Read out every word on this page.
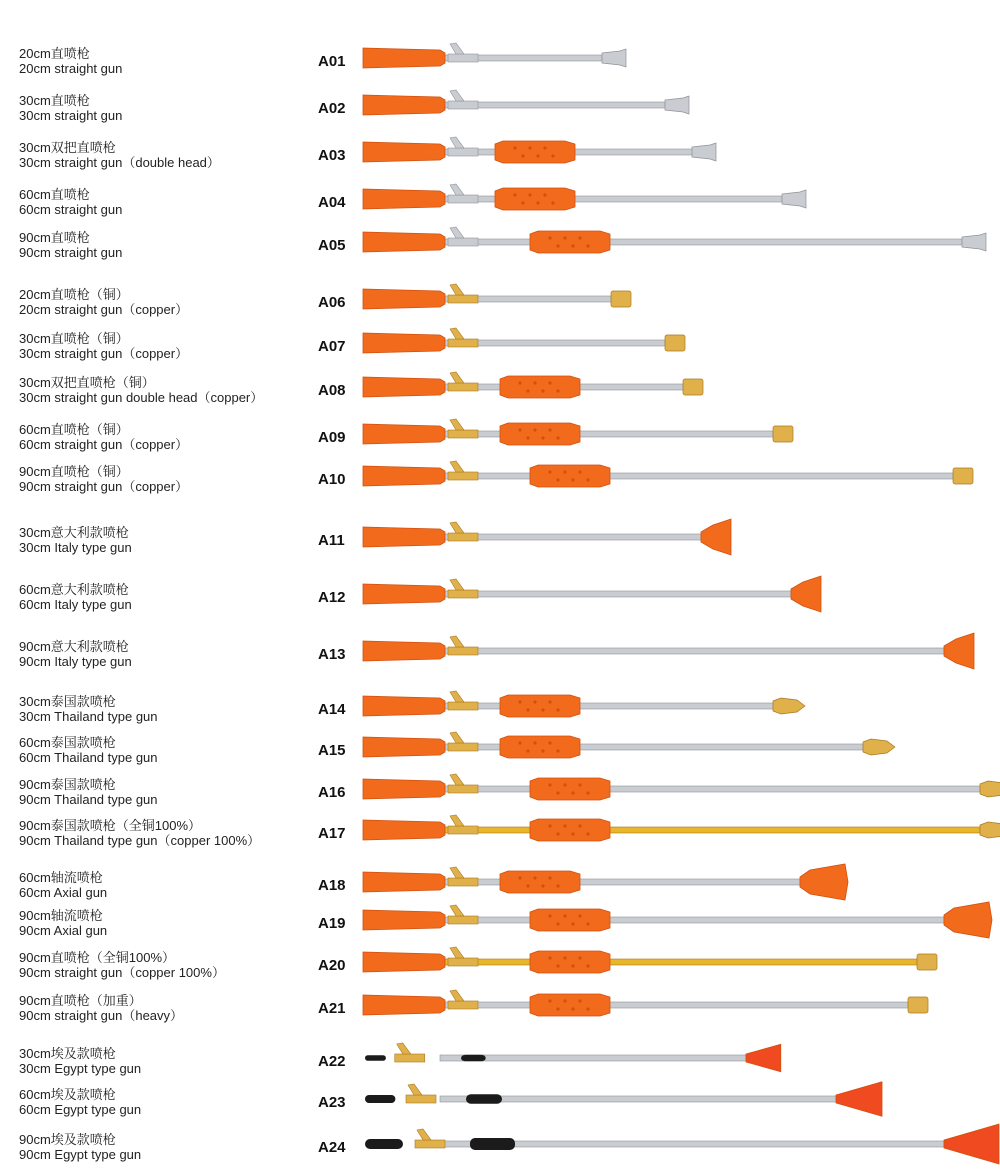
20cm直喷枪
20cm straight gun	A01
30cm直喷枪
30cm straight gun	A02
30cm双把直喷枪
30cm straight gun（double head）	A03
60cm直喷枪
60cm straight gun	A04
90cm直喷枪
90cm straight gun	A05
20cm直喷枪（铜）
20cm straight gun（copper）	A06
30cm直喷枪（铜）
30cm straight gun（copper）	A07
30cm双把直喷枪（铜）
30cm straight gun double head（copper）	A08
60cm直喷枪（铜）
60cm straight gun（copper）	A09
90cm直喷枪（铜）
90cm straight gun（copper）	A10
30cm意大利款喷枪
30cm Italy type gun	A11
60cm意大利款喷枪
60cm Italy type gun	A12
90cm意大利款喷枪
90cm Italy type gun	A13
30cm泰国款喷枪
30cm Thailand type gun	A14
60cm泰国款喷枪
60cm Thailand type gun	A15
90cm泰国款喷枪
90cm Thailand type gun	A16
90cm泰国款喷枪（全铜100%）
90cm Thailand type gun（copper 100%）	A17
60cm轴流喷枪
60cm Axial gun	A18
90cm轴流喷枪
90cm Axial gun	A19
90cm直喷枪（全铜100%）
90cm straight gun（copper 100%）	A20
90cm直喷枪（加重）
90cm straight gun（heavy）	A21
30cm埃及款喷枪
30cm Egypt type gun	A22
60cm埃及款喷枪
60cm Egypt type gun	A23
90cm埃及款喷枪
90cm Egypt type gun	A24
